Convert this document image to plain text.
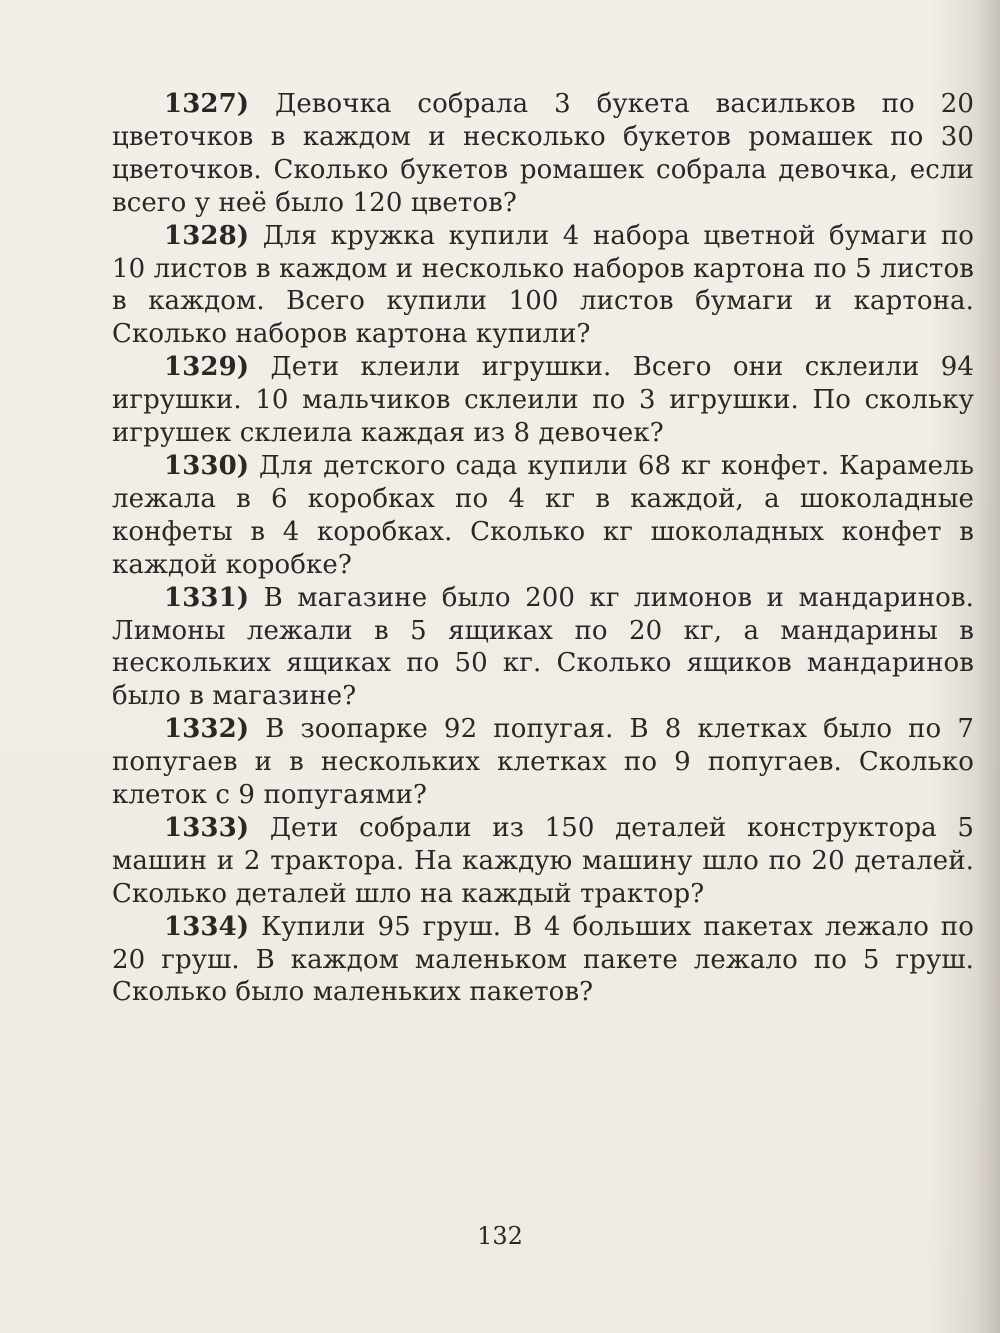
1327) Девочка собрала 3 букета васильков по 20 цветочков в каждом и несколько букетов ромашек по 30 цветочков. Сколько букетов ромашек собрала девочка, если всего у неё было 120 цветов?

1328) Для кружка купили 4 набора цветной бумаги по 10 листов в каждом и несколько наборов картона по 5 листов в каждом. Всего купили 100 листов бумаги и картона. Сколько наборов картона купили?

1329) Дети клеили игрушки. Всего они склеили 94 игрушки. 10 мальчиков склеили по 3 игрушки. По скольку игрушек склеила каждая из 8 девочек?

1330) Для детского сада купили 68 кг конфет. Карамель лежала в 6 коробках по 4 кг в каждой, а шоколадные конфеты в 4 коробках. Сколько кг шоколадных конфет в каждой коробке?

1331) В магазине было 200 кг лимонов и мандаринов. Лимоны лежали в 5 ящиках по 20 кг, а мандарины в нескольких ящиках по 50 кг. Сколько ящиков мандаринов было в магазине?

1332) В зоопарке 92 попугая. В 8 клетках было по 7 попугаев и в нескольких клетках по 9 попугаев. Сколько клеток с 9 попугаями?

1333) Дети собрали из 150 деталей конструктора 5 машин и 2 трактора. На каждую машину шло по 20 деталей. Сколько деталей шло на каждый трактор?

1334) Купили 95 груш. В 4 больших пакетах лежало по 20 груш. В каждом маленьком пакете лежало по 5 груш. Сколько было маленьких пакетов?

132
